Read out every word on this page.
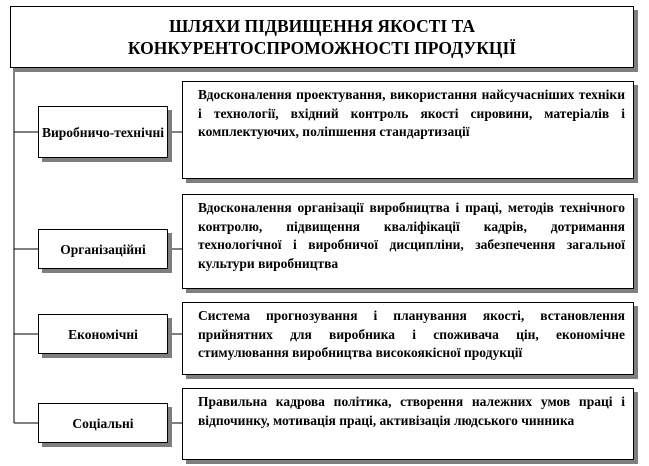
ШЛЯХИ ПІДВИЩЕННЯ ЯКОСТІ ТА
КОНКУРЕНТОСПРОМОЖНОСТІ ПРОДУКЦІЇ
Виробничо-технічні
Вдосконалення проектування, використання найсучасніших техніки і технології, вхідний контроль якості сировини, матеріалів і комплектуючих, поліпшення стандартизації
Організаційні
Вдосконалення організації виробництва і праці, методів технічного контролю, підвищення кваліфікації кадрів, дотримання технологічної і виробничої дисципліни, забезпечення загальної культури виробництва
Економічні
Система прогнозування і планування якості, встановлення прийнятних для виробника і споживача цін, економічне стимулювання виробництва високоякісної продукції
Соціальні
Правильна кадрова політика, створення належних умов праці і відпочинку, мотивація праці, активізація людського чинника
